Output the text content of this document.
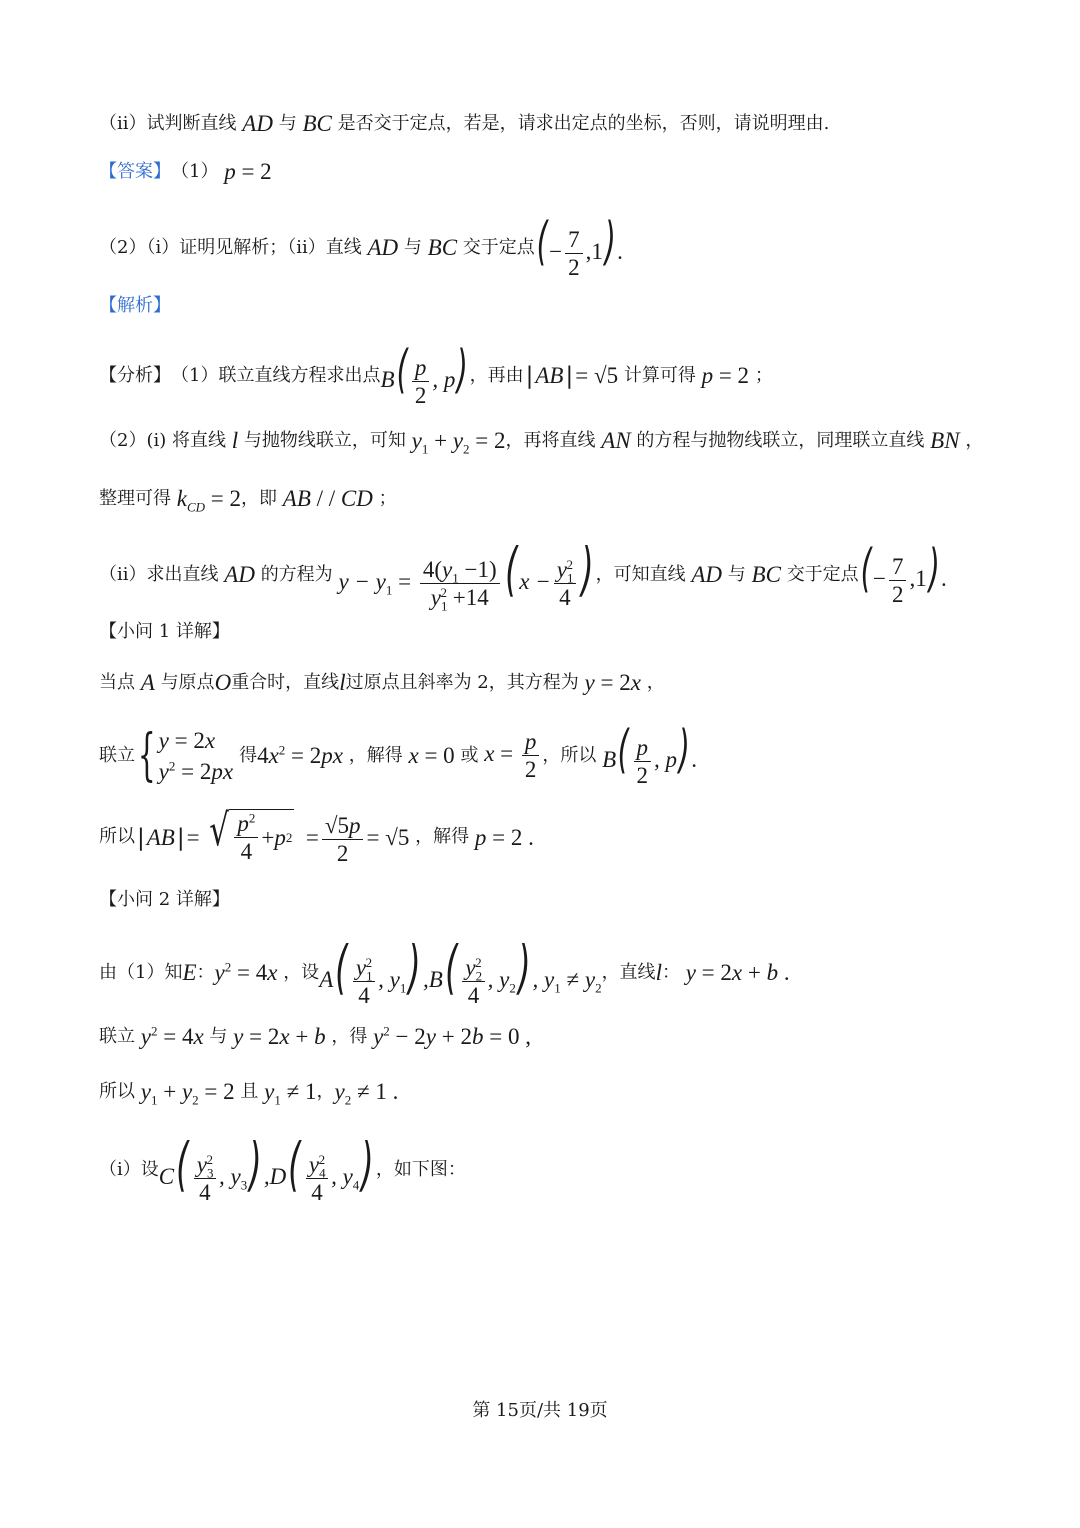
（ii）试判断直线 AD 与 BC 是否交于定点，若是，请求出定点的坐标，否则，请说明理由.
【答案】 （1） p = 2
（2）（i）证明见解析；（ii）直线 AD 与 BC 交于定点 (− $\frac{7}{2} ,1$).
【解析】
【分析】 （1）联立直线方程求出点 $B( \frac{p}{2}$ , p) ，再由 |AB|= √5 计算可得 p = 2 ；
（2）(i) 将直线 l 与抛物线联立，可知 $y_1 + y_2 = 2$ ，再将直线 AN 的方程与抛物线联立，同理联立直线 BN ，
整理可得 $k_{CD} = 2$ ，即 AB / / CD ；
（ii）求出直线 AD 的方程为 $y - y_1 = \frac{4(y_1 -1)}{y_1^2 +14} (x - \frac{y_1^2}{4}$ ) ，可知直线 AD 与 BC 交于定点 (− $\frac{7}{2} ,1$).
【小问 1 详解】
当点 A 与原点 O 重合时，直线 l 过原点且斜率为 2，其方程为 y = 2x ，
联立 { y = 2x
$y^2 = 2px$
得 $4x^2 = 2px$ ，解得 x = 0 或 $x = \frac{p}{2}$ ，所以 $B( \frac{p}{2}$ , p).
所以 |AB|= √ $\frac{p^2}{4} + p$ $2 = \frac{√5p}{2} = √5$ ，解得 p = 2 .
【小问 2 详解】
由（1）知 E ： $y^2 = 4x$ ，设 $A( \frac{y_1^2}{4}$ , $y_1),B( \frac{y_2^2}{4}$ , $y_2$), $y_1 \ne y_2$
，直线 l ： y = 2x + b .
联立 $y^2 = 4x$ 与 y = 2x + b ，得 $y^2 - 2y + 2b = 0$ ,
所以 $y_1 + y_2 = 2$ 且 $y_1 \ne 1$ ， $y_2 \ne 1$ .
（i）设 $C( \frac{y_3^2}{4}$ , $y_3),D( \frac{y_4^2}{4}$ , $y_4$) ，如下图：
第 15页/共 19页
